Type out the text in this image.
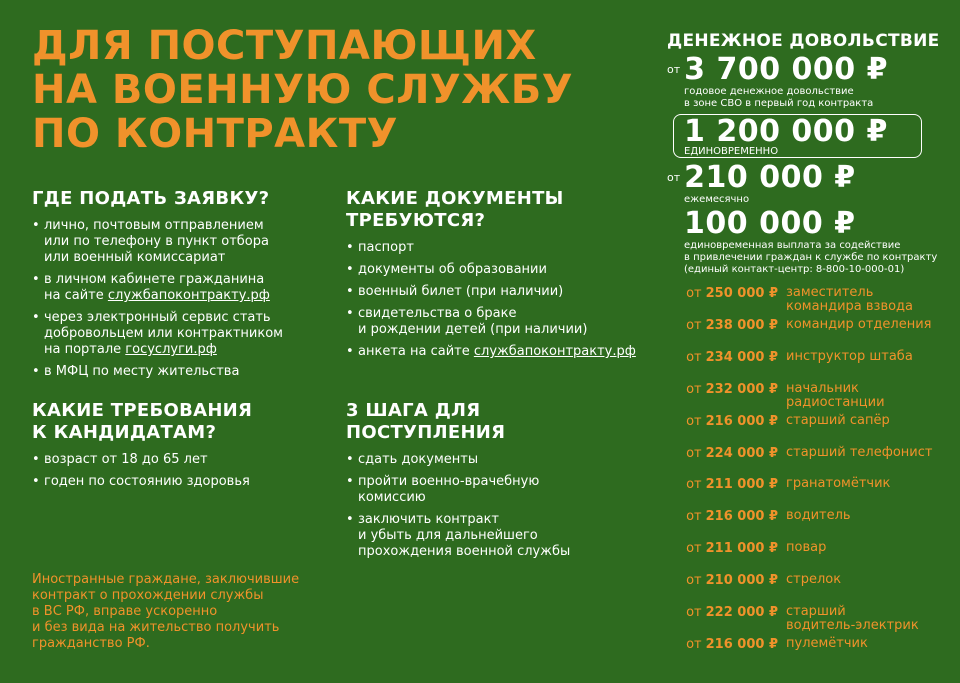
ДЛЯ ПОСТУПАЮЩИХ
НА ВОЕННУЮ СЛУЖБУ
ПО КОНТРАКТУ
ГДЕ ПОДАТЬ ЗАЯВКУ?
• лично, почтовым отправлением
или по телефону в пункт отбора
или военный комиссариат
• в личном кабинете гражданина
на сайте службапоконтракту.рф
• через электронный сервис стать
добровольцем или контрактником
на портале госуслуги.рф
• в МФЦ по месту жительства
КАКИЕ ДОКУМЕНТЫ
ТРЕБУЮТСЯ?
• паспорт
• документы об образовании
• военный билет (при наличии)
• свидетельства о браке
и рождении детей (при наличии)
• анкета на сайте службапоконтракту.рф
КАКИЕ ТРЕБОВАНИЯ
К КАНДИДАТАМ?
• возраст от 18 до 65 лет
• годен по состоянию здоровья
3 ШАГА ДЛЯ
ПОСТУПЛЕНИЯ
• сдать документы
• пройти военно-врачебную
комиссию
• заключить контракт
и убыть для дальнейшего
прохождения военной службы
Иностранные граждане, заключившие
контракт о прохождении службы
в ВС РФ, вправе ускоренно
и без вида на жительство получить
гражданство РФ.
ДЕНЕЖНОЕ ДОВОЛЬСТВИЕ
$^{от}$ 3 700 000 ₽
годовое денежное довольствие
в зоне СВО в первый год контракта
1 200 000 ₽
ЕДИНОВРЕМЕННО
$^{от}$ 210 000 ₽
ежемесячно
100 000 ₽
единовременная выплата за содействие
в привлечении граждан к службе по контракту
(единый контакт-центр: 8-800-10-000-01)
от 250 000 ₽ заместитель
командира взвода
от 238 000 ₽ командир отделения
от 234 000 ₽ инструктор штаба
от 232 000 ₽ начальник
радиостанции
от 216 000 ₽ старший сапёр
от 224 000 ₽ старший телефонист
от 211 000 ₽ гранатомётчик
от 216 000 ₽ водитель
от 211 000 ₽ повар
от 210 000 ₽ стрелок
от 222 000 ₽ старший
водитель-электрик
от 216 000 ₽ пулемётчик
